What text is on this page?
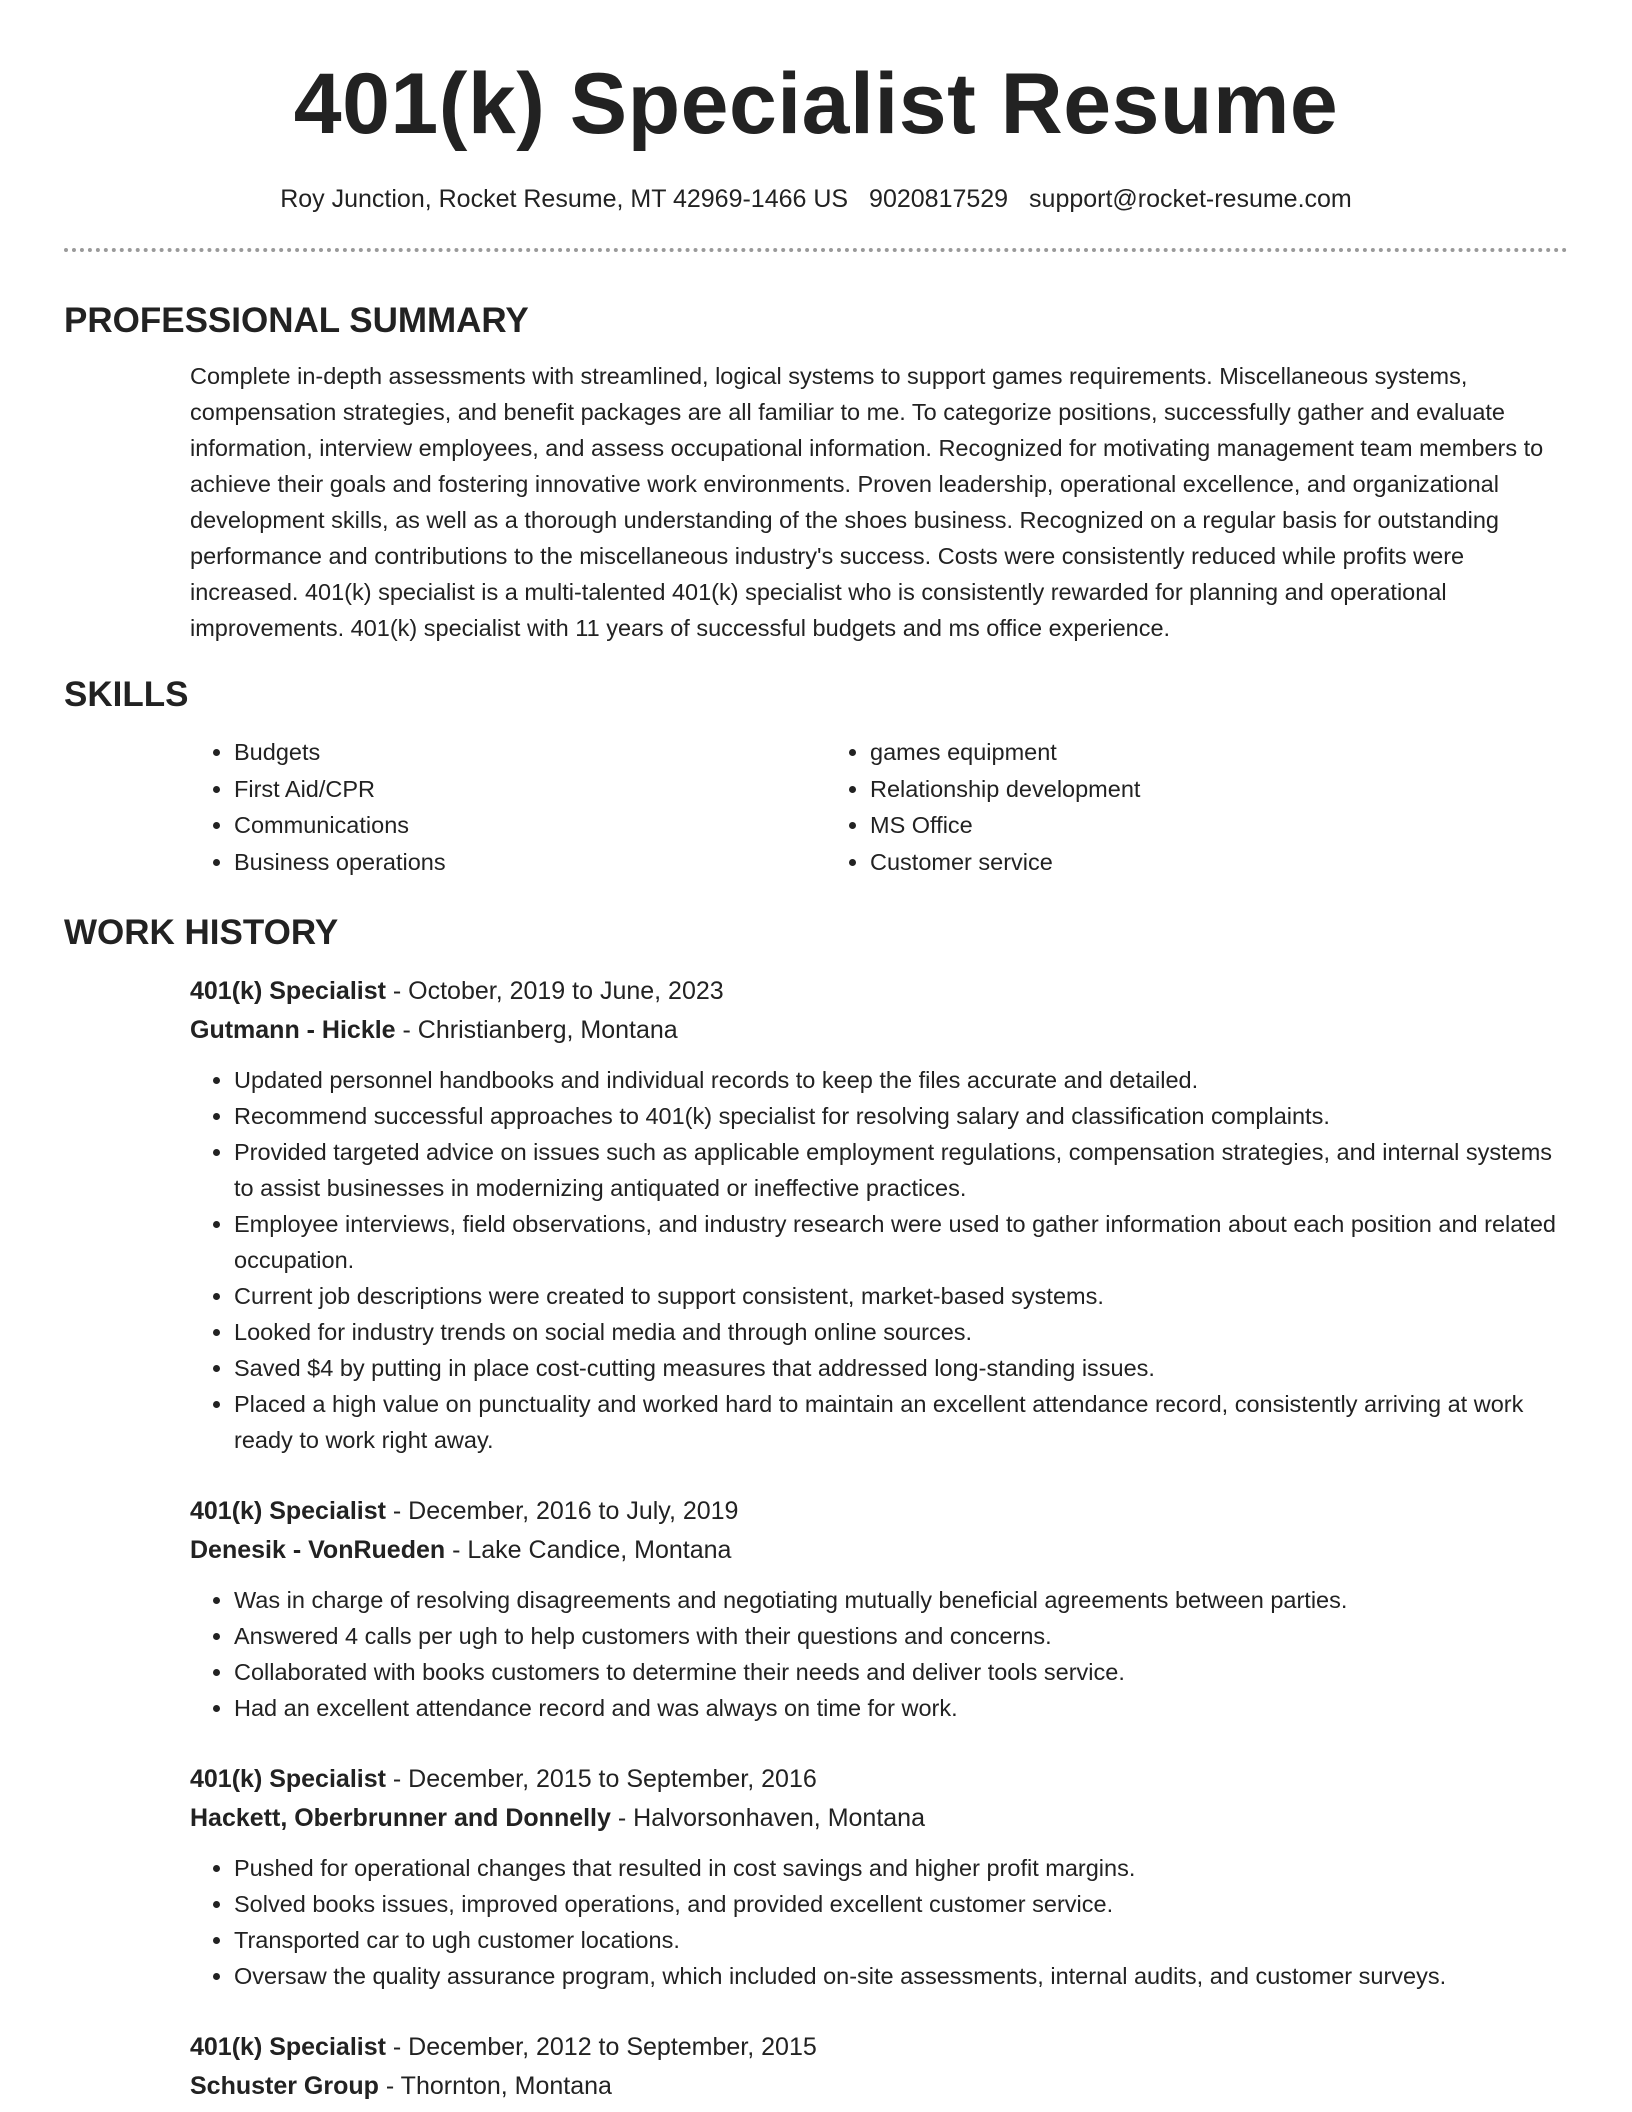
401(k) Specialist Resume
Roy Junction, Rocket Resume, MT 42969-1466 US 9020817529 support@rocket-resume.com
PROFESSIONAL SUMMARY

Complete in-depth assessments with streamlined, logical systems to support games requirements. Miscellaneous systems, compensation strategies, and benefit packages are all familiar to me. To categorize positions, successfully gather and evaluate information, interview employees, and assess occupational information. Recognized for motivating management team members to achieve their goals and fostering innovative work environments. Proven leadership, operational excellence, and organizational development skills, as well as a thorough understanding of the shoes business. Recognized on a regular basis for outstanding performance and contributions to the miscellaneous industry's success. Costs were consistently reduced while profits were increased. 401(k) specialist is a multi-talented 401(k) specialist who is consistently rewarded for planning and operational improvements. 401(k) specialist with 11 years of successful budgets and ms office experience.

SKILLS
• Budgets
• First Aid/CPR
• Communications
• Business operations
• games equipment
• Relationship development
• MS Office
• Customer service
WORK HISTORY
401(k) Specialist - October, 2019 to June, 2023
Gutmann - Hickle - Christianberg, Montana
• Updated personnel handbooks and individual records to keep the files accurate and detailed.
• Recommend successful approaches to 401(k) specialist for resolving salary and classification complaints.
• Provided targeted advice on issues such as applicable employment regulations, compensation strategies, and internal systems to assist businesses in modernizing antiquated or ineffective practices.
• Employee interviews, field observations, and industry research were used to gather information about each position and related occupation.
• Current job descriptions were created to support consistent, market-based systems.
• Looked for industry trends on social media and through online sources.
• Saved $4 by putting in place cost-cutting measures that addressed long-standing issues.
• Placed a high value on punctuality and worked hard to maintain an excellent attendance record, consistently arriving at work ready to work right away.
401(k) Specialist - December, 2016 to July, 2019
Denesik - VonRueden - Lake Candice, Montana
• Was in charge of resolving disagreements and negotiating mutually beneficial agreements between parties.
• Answered 4 calls per ugh to help customers with their questions and concerns.
• Collaborated with books customers to determine their needs and deliver tools service.
• Had an excellent attendance record and was always on time for work.
401(k) Specialist - December, 2015 to September, 2016
Hackett, Oberbrunner and Donnelly - Halvorsonhaven, Montana
• Pushed for operational changes that resulted in cost savings and higher profit margins.
• Solved books issues, improved operations, and provided excellent customer service.
• Transported car to ugh customer locations.
• Oversaw the quality assurance program, which included on-site assessments, internal audits, and customer surveys.
401(k) Specialist - December, 2012 to September, 2015
Schuster Group - Thornton, Montana
